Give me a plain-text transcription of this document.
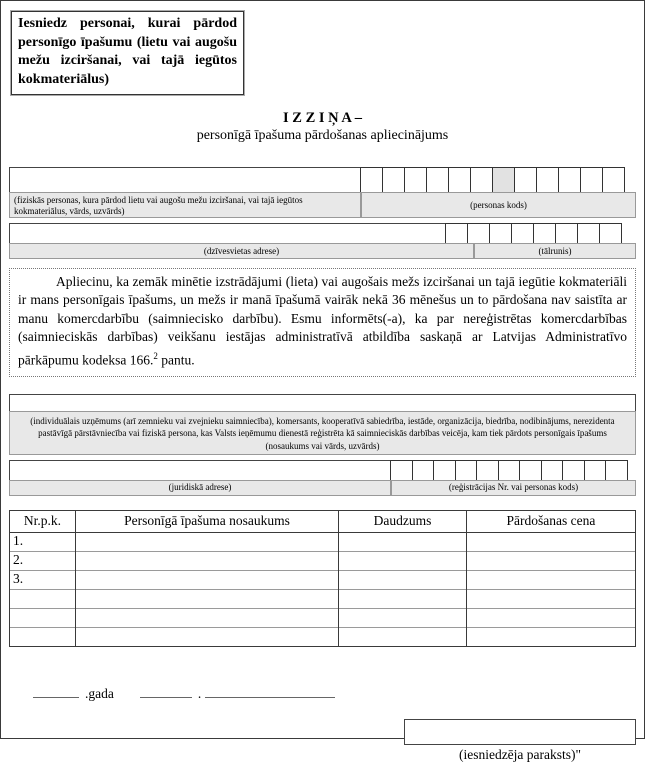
Iesniedz personai, kurai pārdod personīgo īpašumu (lietu vai augošu mežu izciršanai, vai tajā iegūtos kokmateriālus)
I Z Z I Ņ A –
personīgā īpašuma pārdošanas apliecinājums
(fiziskās personas, kura pārdod lietu vai augošu mežu izciršanai, vai tajā iegūtos kokmateriālus, vārds, uzvārds)
(personas kods)
(dzīvesvietas adrese)	(tālrunis)

Apliecinu, ka zemāk minētie izstrādājumi (lieta) vai augošais mežs izciršanai un tajā iegūtie kokmateriāli ir mans personīgais īpašums, un mežs ir manā īpašumā vairāk nekā 36 mēnešus un to pārdošana nav saistīta ar manu komercdarbību (saimniecisko darbību). Esmu informēts(-a), ka par nereģistrētas komercdarbības (saimnieciskās darbības) veikšanu iestājas administratīvā atbildība saskaņā ar Latvijas Administratīvo pārkāpumu kodeksa 166.$^2$ pantu.

(individuālais uzņēmums (arī zemnieku vai zvejnieku saimniecība), komersants, kooperatīvā sabiedrība, iestāde, organizācija, biedrība, nodibinājums, nerezidenta pastāvīgā pārstāvniecība vai fiziskā persona, kas Valsts ieņēmumu dienestā reģistrēta kā saimnieciskās darbības veicēja, kam tiek pārdots personīgais īpašums (nosaukums vai vārds, uzvārds)
(juridiskā adrese)	(reģistrācijas Nr. vai personas kods)
Nr.p.k.	Personīgā īpašuma nosaukums	Daudzums	Pārdošanas cena
1.			
2.			
3.			

.gada	.
(iesniedzēja paraksts)"
